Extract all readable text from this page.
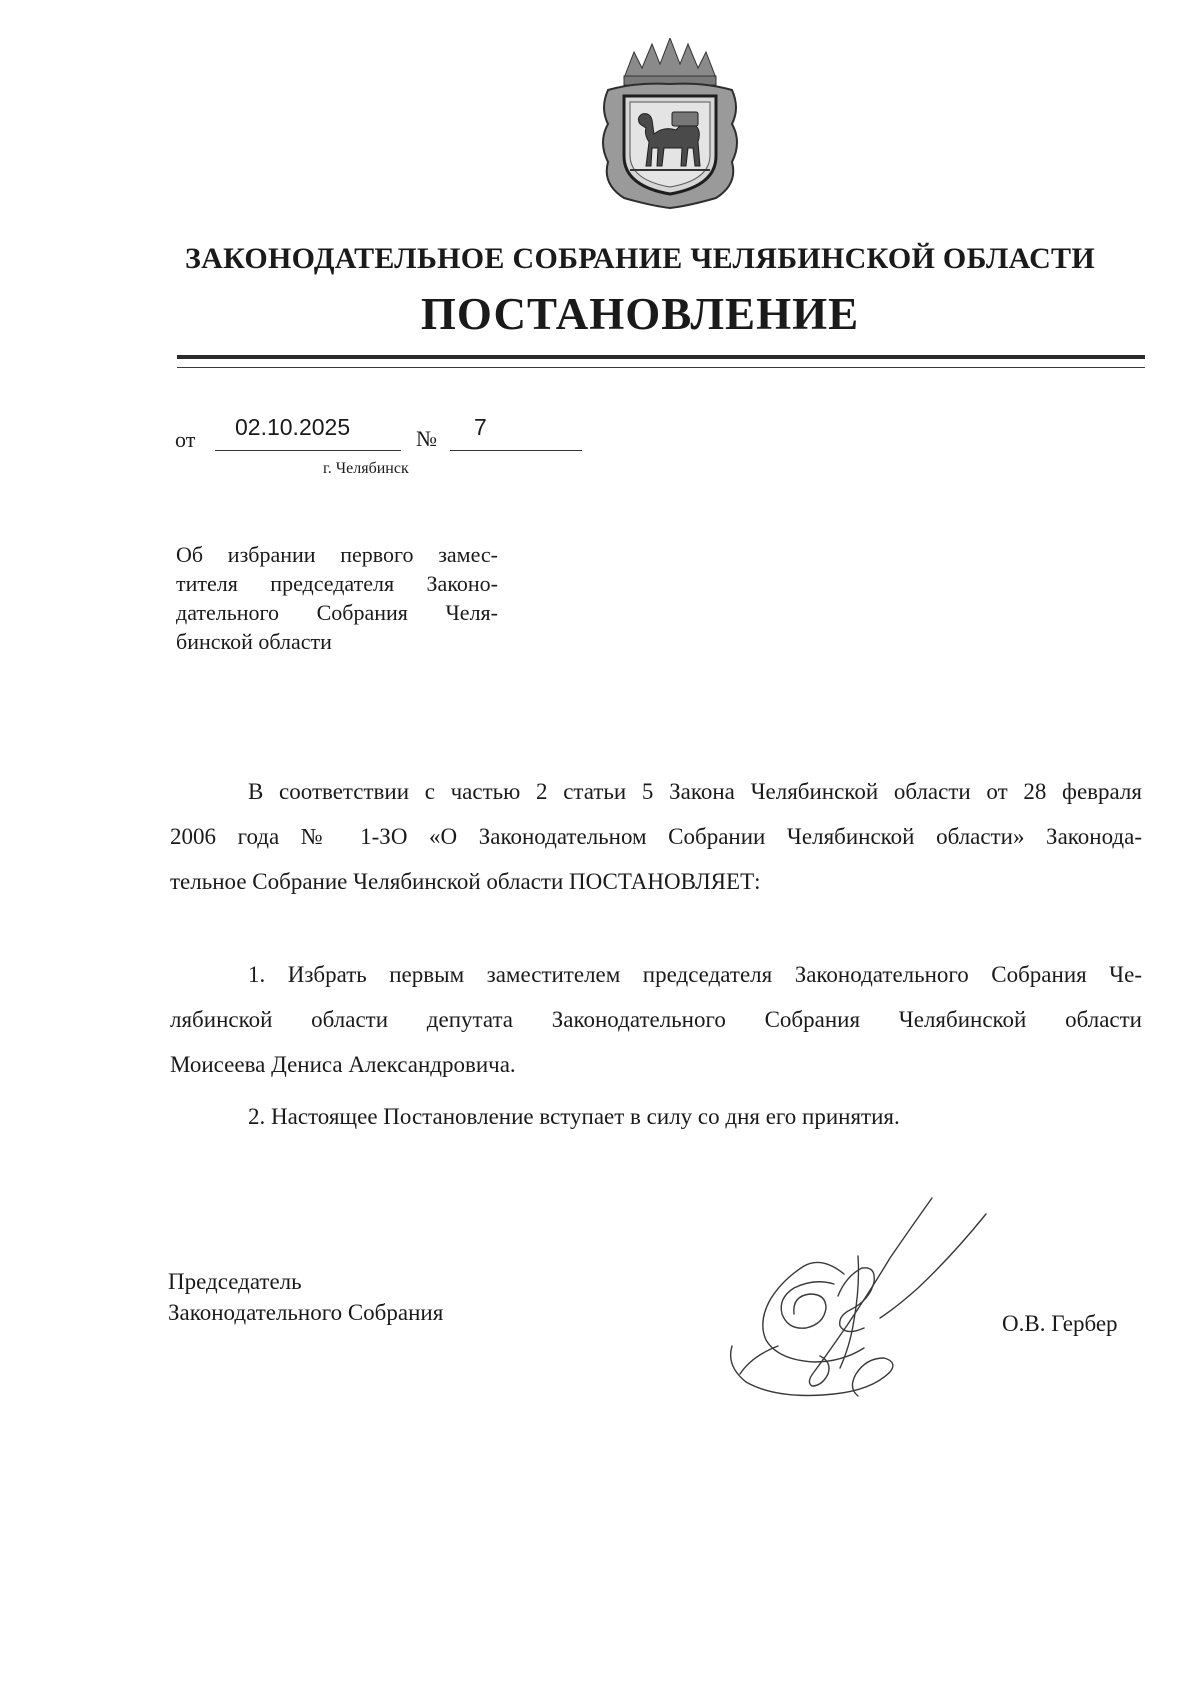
ЗАКОНОДАТЕЛЬНОЕ СОБРАНИЕ ЧЕЛЯБИНСКОЙ ОБЛАСТИ
ПОСТАНОВЛЕНИЕ
от 02.10.2025	№ 7
г. Челябинск
Об избрании первого замес-
тителя председателя Законо-
дательного Собрания Челя-
бинской области
В соответствии с частью 2 статьи 5 Закона Челябинской области от 28 февраля
2006 года № 1-ЗО «О Законодательном Собрании Челябинской области» Законода-
тельное Собрание Челябинской области ПОСТАНОВЛЯЕТ:
1. Избрать первым заместителем председателя Законодательного Собрания Че-
лябинской области депутата Законодательного Собрания Челябинской области
Моисеева Дениса Александровича.
2. Настоящее Постановление вступает в силу со дня его принятия.
Председатель
Законодательного Собрания	О.В. Гербер
